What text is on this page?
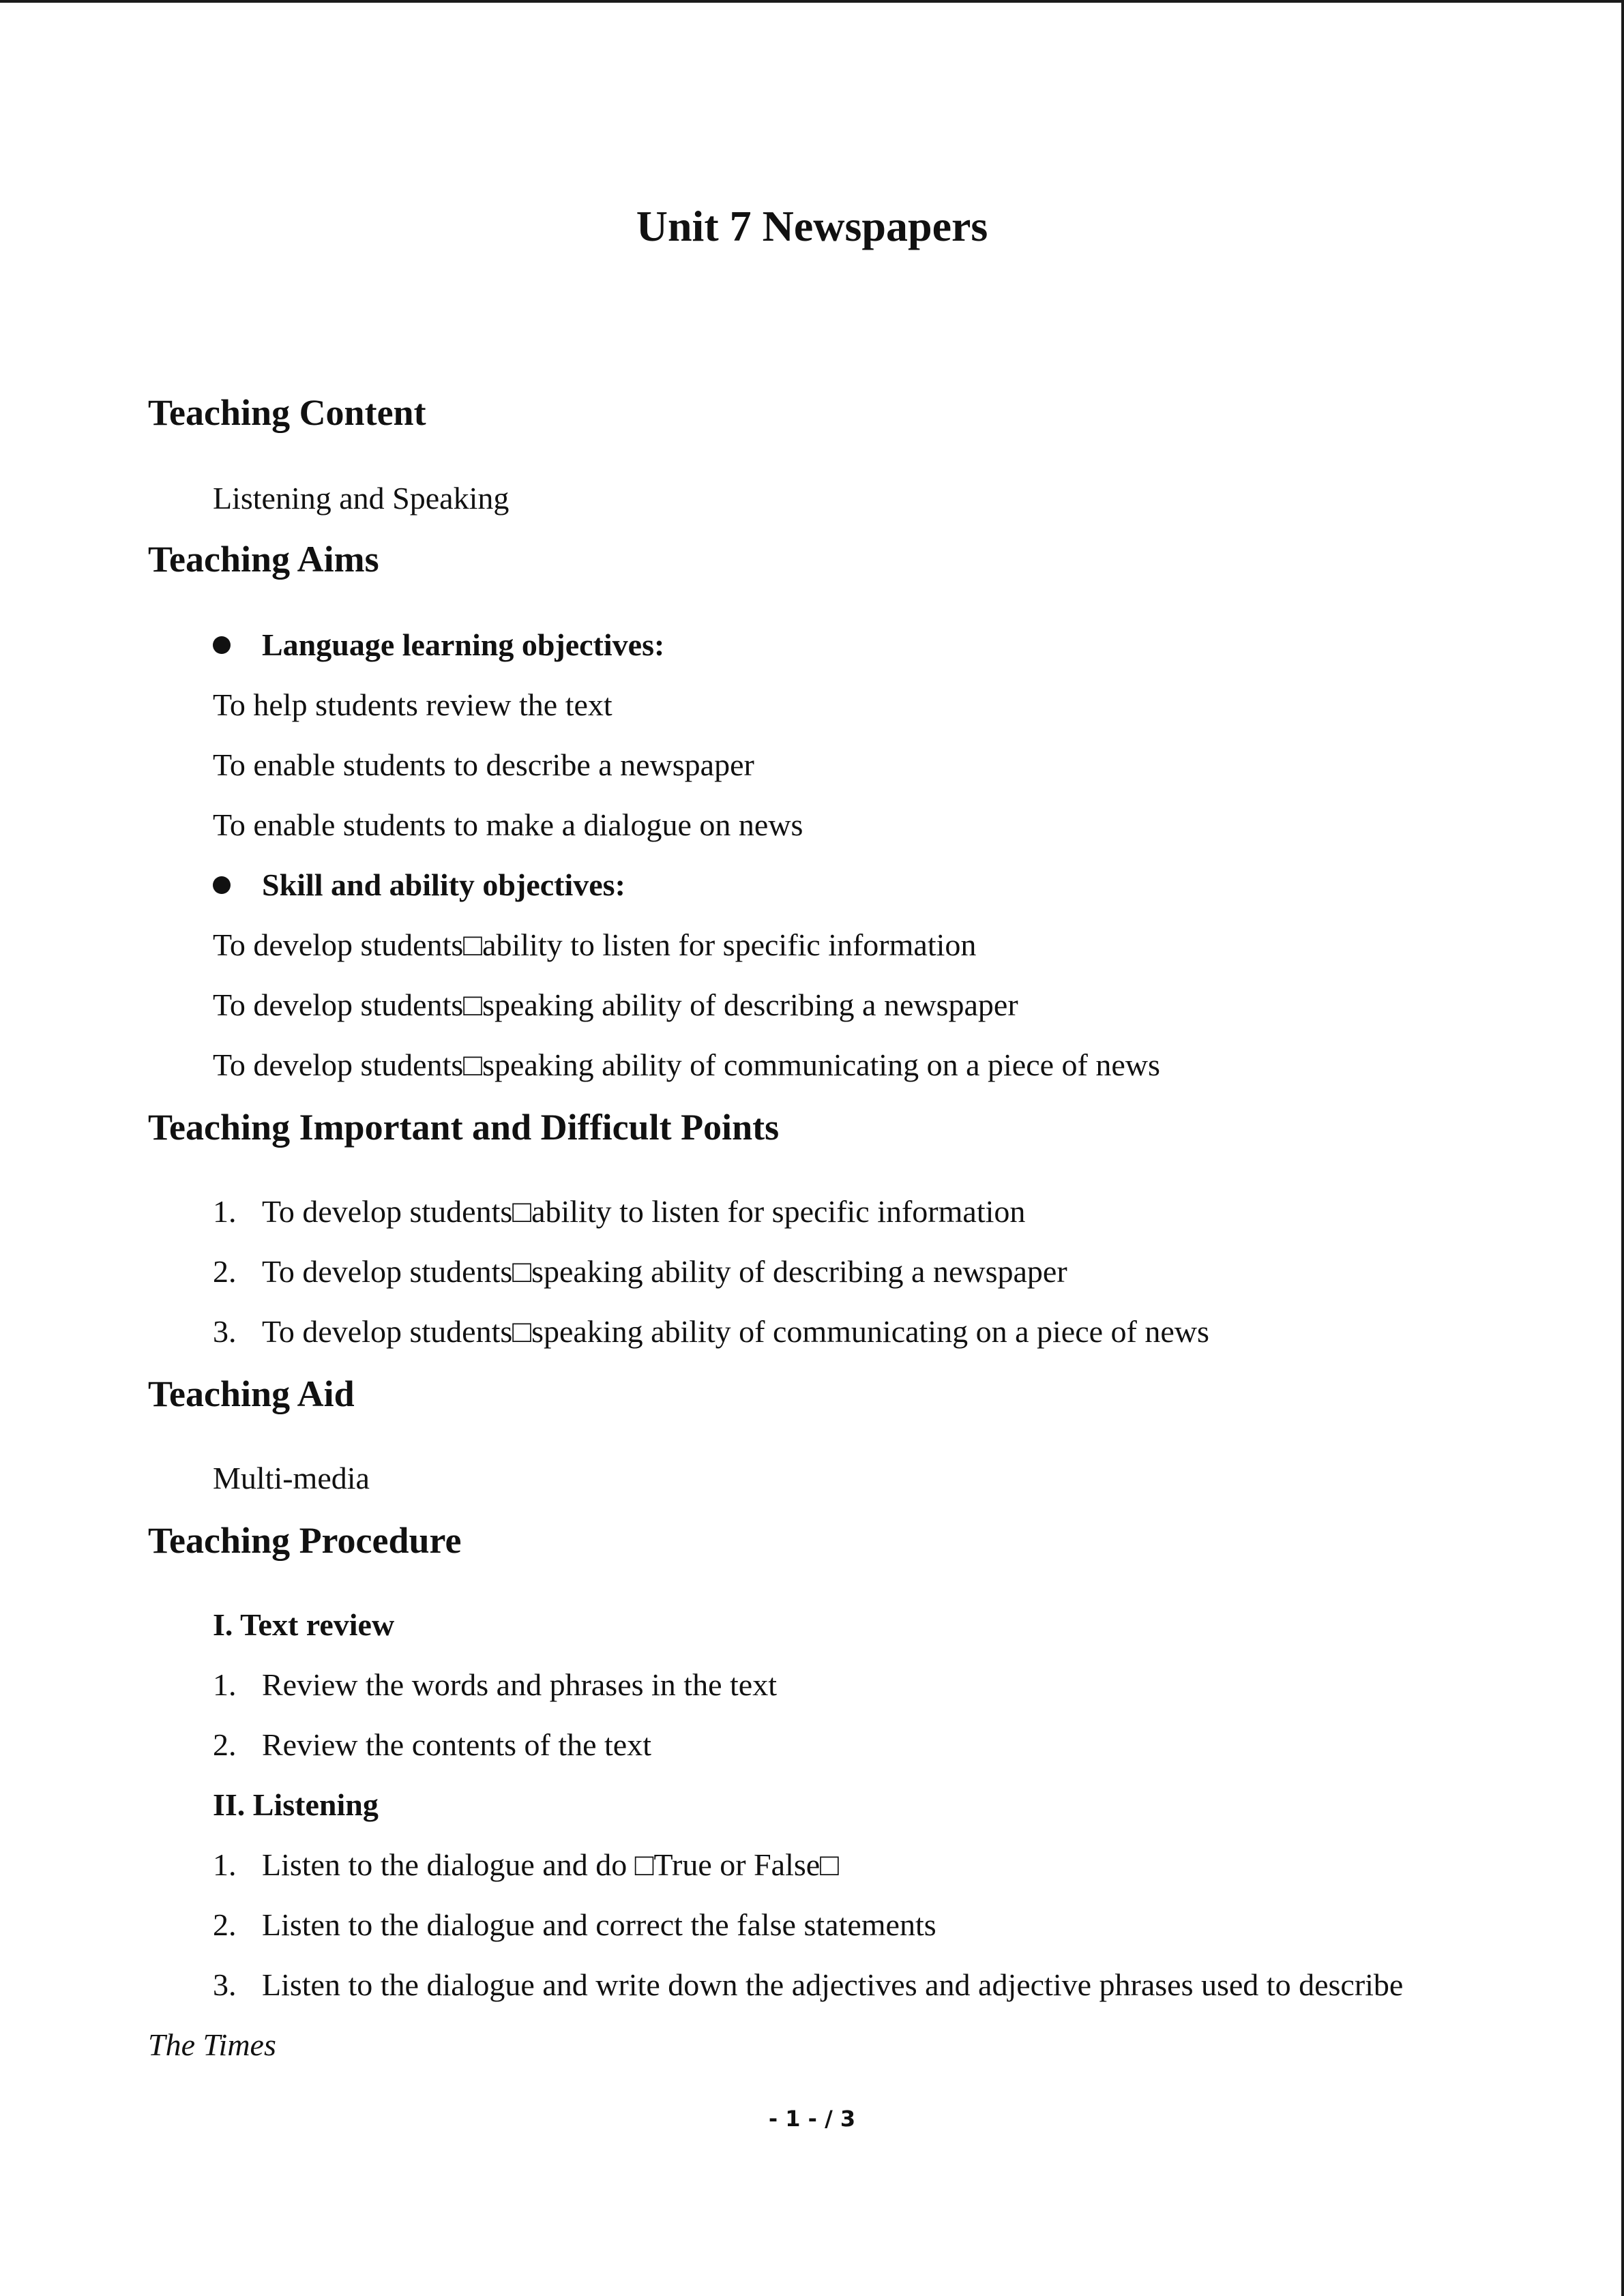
Unit 7 Newspapers
Teaching Content
Listening and Speaking
Teaching Aims
Language learning objectives:
To help students review the text
To enable students to describe a newspaper
To enable students to make a dialogue on news
Skill and ability objectives:
To develop students□ability to listen for specific information
To develop students□speaking ability of describing a newspaper
To develop students□speaking ability of communicating on a piece of news
Teaching Important and Difficult Points
1. To develop students□ability to listen for specific information
2. To develop students□speaking ability of describing a newspaper
3. To develop students□speaking ability of communicating on a piece of news
Teaching Aid
Multi-media
Teaching Procedure
I. Text review
1. Review the words and phrases in the text
2. Review the contents of the text
II. Listening
1. Listen to the dialogue and do □True or False□
2. Listen to the dialogue and correct the false statements
3. Listen to the dialogue and write down the adjectives and adjective phrases used to describe
The Times
- 1 - / 3
